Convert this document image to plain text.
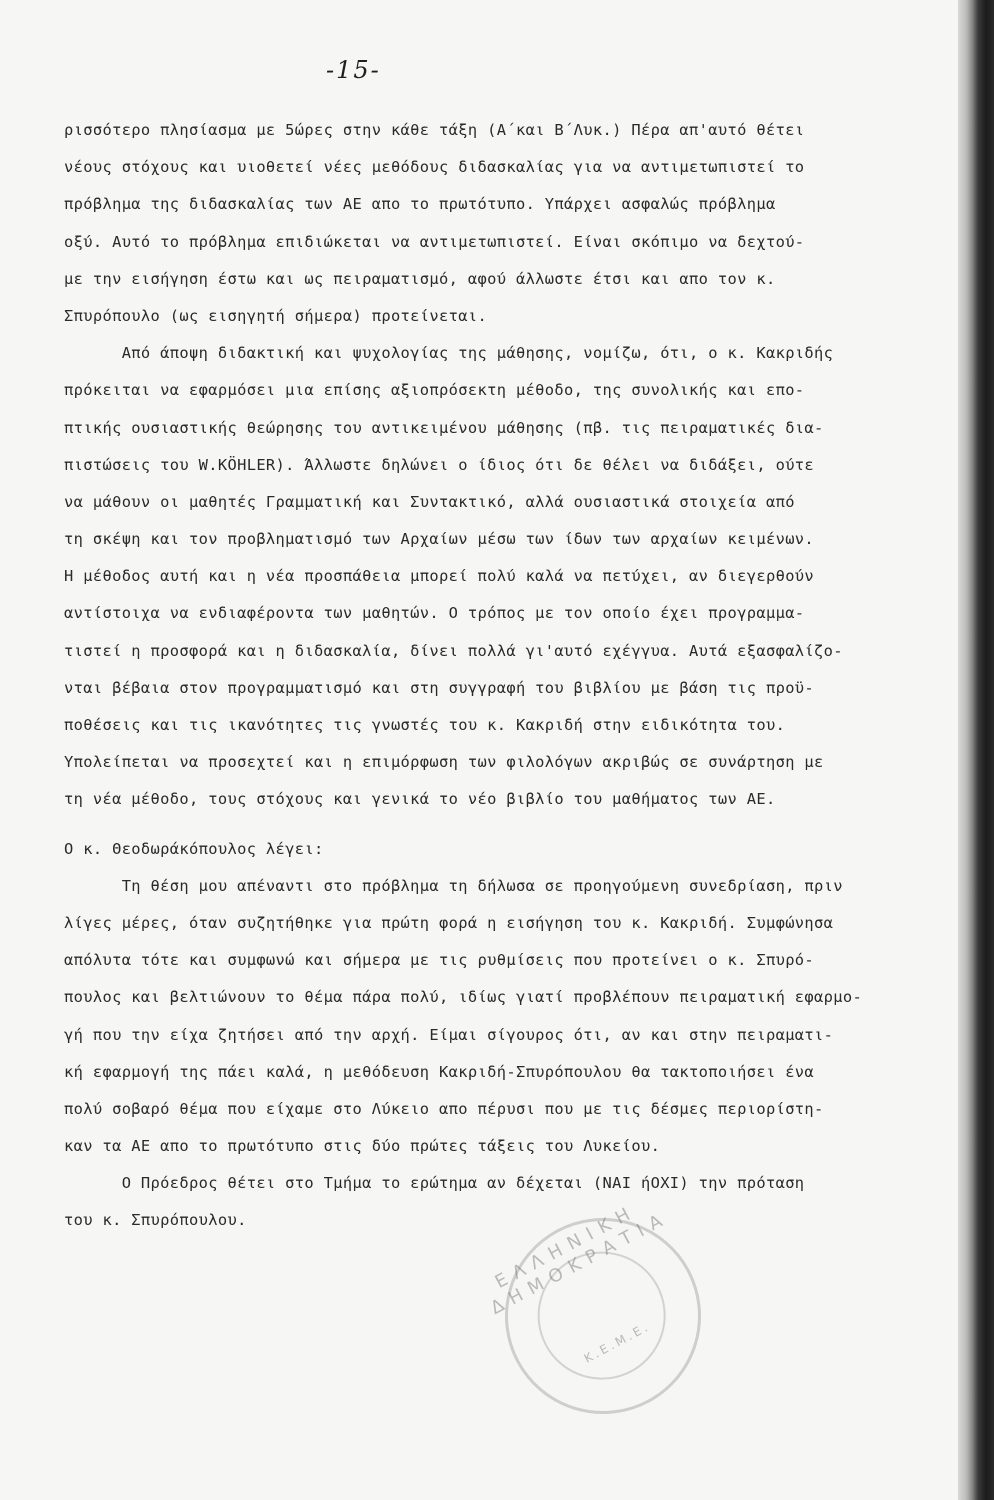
-15-
ρισσότερο πλησίασμα με 5ώρες στην κάθε τάξη (Α΄και Β΄Λυκ.) Πέρα απ'αυτό θέτει
νέους στόχους και υιοθετεί νέες μεθόδους διδασκαλίας για να αντιμετωπιστεί το
πρόβλημα της διδασκαλίας των ΑΕ απο το πρωτότυπο. Υπάρχει ασφαλώς πρόβλημα
οξύ. Αυτό το πρόβλημα επιδιώκεται να αντιμετωπιστεί. Είναι σκόπιμο να δεχτού-
με την εισήγηση έστω και ως πειραματισμό, αφού άλλωστε έτσι και απο τον κ.
Σπυρόπουλο (ως εισηγητή σήμερα) προτείνεται.
Από άποψη διδακτική και ψυχολογίας της μάθησης, νομίζω, ότι, ο κ. Κακριδής
πρόκειται να εφαρμόσει μια επίσης αξιοπρόσεκτη μέθοδο, της συνολικής και επο-
πτικής ουσιαστικής θεώρησης του αντικειμένου μάθησης (πβ. τις πειραματικές δια-
πιστώσεις του W.KÖHLER). Άλλωστε δηλώνει ο ίδιος ότι δε θέλει να διδάξει, ούτε
να μάθουν οι μαθητές Γραμματική και Συντακτικό, αλλά ουσιαστικά στοιχεία από
τη σκέψη και τον προβληματισμό των Αρχαίων μέσω των ίδων των αρχαίων κειμένων.
Η μέθοδος αυτή και η νέα προσπάθεια μπορεί πολύ καλά να πετύχει, αν διεγερθούν
αντίστοιχα να ενδιαφέροντα των μαθητών. Ο τρόπος με τον οποίο έχει προγραμμα-
τιστεί η προσφορά και η διδασκαλία, δίνει πολλά γι'αυτό εχέγγυα. Αυτά εξασφαλίζο-
νται βέβαια στον προγραμματισμό και στη συγγραφή του βιβλίου με βάση τις προϋ-
ποθέσεις και τις ικανότητες τις γνωστές του κ. Κακριδή στην ειδικότητα του.
Υπολείπεται να προσεχτεί και η επιμόρφωση των φιλολόγων ακριβώς σε συνάρτηση με
τη νέα μέθοδο, τους στόχους και γενικά το νέο βιβλίο του μαθήματος των ΑΕ.
Ο κ. Θεοδωράκόπουλος λέγει:
Τη θέση μου απέναντι στο πρόβλημα τη δήλωσα σε προηγούμενη συνεδρίαση, πριν
λίγες μέρες, όταν συζητήθηκε για πρώτη φορά η εισήγηση του κ. Κακριδή. Συμφώνησα
απόλυτα τότε και συμφωνώ και σήμερα με τις ρυθμίσεις που προτείνει ο κ. Σπυρό-
πουλος και βελτιώνουν το θέμα πάρα πολύ, ιδίως γιατί προβλέπουν πειραματική εφαρμο-
γή που την είχα ζητήσει από την αρχή. Είμαι σίγουρος ότι, αν και στην πειραματι-
κή εφαρμογή της πάει καλά, η μεθόδευση Κακριδή-Σπυρόπουλου θα τακτοποιήσει ένα
πολύ σοβαρό θέμα που είχαμε στο Λύκειο απο πέρυσι που με τις δέσμες περιορίστη-
καν τα ΑΕ απο το πρωτότυπο στις δύο πρώτες τάξεις του Λυκείου.
Ο Πρόεδρος θέτει στο Τμήμα το ερώτημα αν δέχεται (ΝΑΙ ήΟΧΙ) την πρόταση
του κ. Σπυρόπουλου.	ΕΛΛΗΝΙΚΗ ΔΗΜΟΚΡΑΤΙΑ
Κ.Ε.Μ.Ε.
